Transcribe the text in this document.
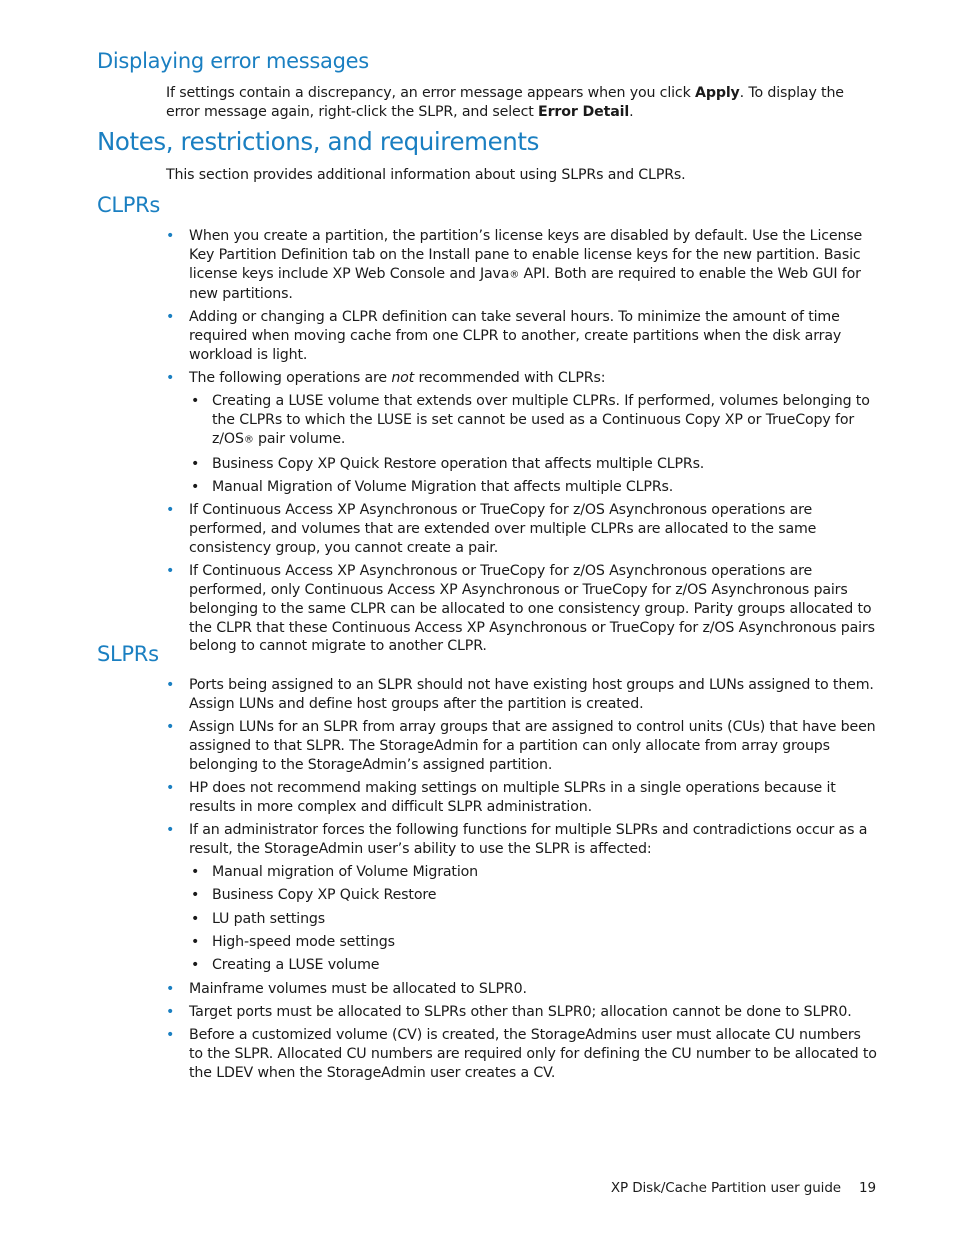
Displaying error messages

If settings contain a discrepancy, an error message appears when you click Apply. To display the error message again, right-click the SLPR, and select Error Detail.

Notes, restrictions, and requirements

This section provides additional information about using SLPRs and CLPRs.

CLPRs
• When you create a partition, the partition’s license keys are disabled by default. Use the License Key Partition Definition tab on the Install pane to enable license keys for the new partition. Basic license keys include XP Web Console and Java® API. Both are required to enable the Web GUI for new partitions.
• Adding or changing a CLPR definition can take several hours. To minimize the amount of time required when moving cache from one CLPR to another, create partitions when the disk array workload is light.
• The following operations are not recommended with CLPRs:
• Creating a LUSE volume that extends over multiple CLPRs. If performed, volumes belonging to the CLPRs to which the LUSE is set cannot be used as a Continuous Copy XP or TrueCopy for z/OS® pair volume.
• Business Copy XP Quick Restore operation that affects multiple CLPRs.
• Manual Migration of Volume Migration that affects multiple CLPRs.
• If Continuous Access XP Asynchronous or TrueCopy for z/OS Asynchronous operations are performed, and volumes that are extended over multiple CLPRs are allocated to the same consistency group, you cannot create a pair.
• If Continuous Access XP Asynchronous or TrueCopy for z/OS Asynchronous operations are performed, only Continuous Access XP Asynchronous or TrueCopy for z/OS Asynchronous pairs belonging to the same CLPR can be allocated to one consistency group. Parity groups allocated to the CLPR that these Continuous Access XP Asynchronous or TrueCopy for z/OS Asynchronous pairs belong to cannot migrate to another CLPR.
SLPRs
• Ports being assigned to an SLPR should not have existing host groups and LUNs assigned to them. Assign LUNs and define host groups after the partition is created.
• Assign LUNs for an SLPR from array groups that are assigned to control units (CUs) that have been assigned to that SLPR. The StorageAdmin for a partition can only allocate from array groups belonging to the StorageAdmin’s assigned partition.
• HP does not recommend making settings on multiple SLPRs in a single operations because it results in more complex and difficult SLPR administration.
• If an administrator forces the following functions for multiple SLPRs and contradictions occur as a result, the StorageAdmin user’s ability to use the SLPR is affected:
• Manual migration of Volume Migration
• Business Copy XP Quick Restore
• LU path settings
• High-speed mode settings
• Creating a LUSE volume
• Mainframe volumes must be allocated to SLPR0.
• Target ports must be allocated to SLPRs other than SLPR0; allocation cannot be done to SLPR0.
• Before a customized volume (CV) is created, the StorageAdmins user must allocate CU numbers to the SLPR. Allocated CU numbers are required only for defining the CU number to be allocated to the LDEV when the StorageAdmin user creates a CV.
XP Disk/Cache Partition user guide 19
